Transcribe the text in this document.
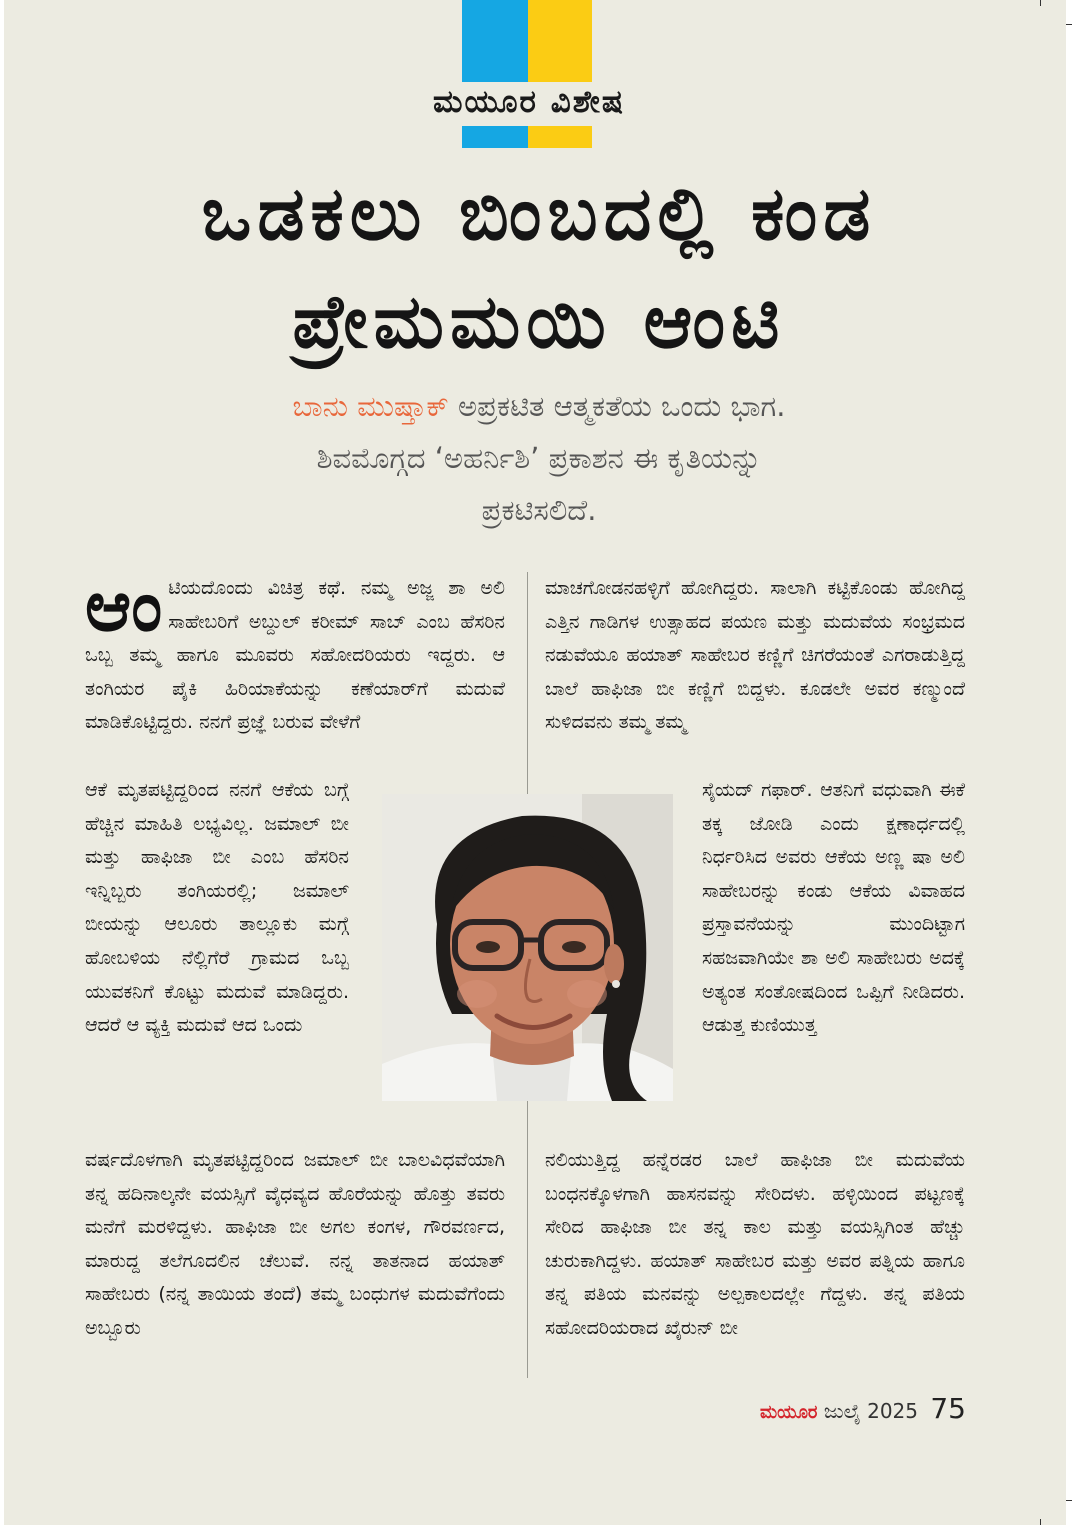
ಮಯೂರ ವಿಶೇಷ
ಒಡಕಲು ಬಿಂಬದಲ್ಲಿ ಕಂಡ
ಪ್ರೇಮಮಯಿ ಆಂಟಿ
ಬಾನು ಮುಷ್ತಾಕ್ ಅಪ್ರಕಟಿತ ಆತ್ಮಕತೆಯ ಒಂದು ಭಾಗ.
ಶಿವಮೊಗ್ಗದ ‘ಅಹರ್ನಿಶಿ’ ಪ್ರಕಾಶನ ಈ ಕೃತಿಯನ್ನು
ಪ್ರಕಟಿಸಲಿದೆ.

ಆಂಟಿಯದೊಂದು ವಿಚಿತ್ರ ಕಥೆ. ನಮ್ಮ ಅಜ್ಜ ಶಾ ಅಲಿ ಸಾಹೇಬರಿಗೆ ಅಬ್ದುಲ್ ಕರೀಮ್ ಸಾಬ್ ಎಂಬ ಹೆಸರಿನ ಒಬ್ಬ ತಮ್ಮ ಹಾಗೂ ಮೂವರು ಸಹೋದರಿಯರು ಇದ್ದರು. ಆ ತಂಗಿಯರ ಪೈಕಿ ಹಿರಿಯಾಕೆಯನ್ನು ಕಣೆಯಾರ್‌ಗೆ ಮದುವೆ ಮಾಡಿಕೊಟ್ಟಿದ್ದರು. ನನಗೆ ಪ್ರಜ್ಞೆ ಬರುವ ವೇಳೆಗೆ

ಆಕೆ ಮೃತಪಟ್ಟಿದ್ದರಿಂದ ನನಗೆ ಆಕೆಯ ಬಗ್ಗೆ ಹೆಚ್ಚಿನ ಮಾಹಿತಿ ಲಭ್ಯವಿಲ್ಲ. ಜಮಾಲ್ ಬೀ ಮತ್ತು ಹಾಫಿಜಾ ಬೀ ಎಂಬ ಹೆಸರಿನ ಇನ್ನಿಬ್ಬರು ತಂಗಿಯರಲ್ಲಿ; ಜಮಾಲ್ ಬೀಯನ್ನು ಆಲೂರು ತಾಲ್ಲೂಕು ಮಗ್ಗೆ ಹೋಬಳಿಯ ನೆಲ್ಲಿಗೆರೆ ಗ್ರಾಮದ ಒಬ್ಬ ಯುವಕನಿಗೆ ಕೊಟ್ಟು ಮದುವೆ ಮಾಡಿದ್ದರು. ಆದರೆ ಆ ವ್ಯಕ್ತಿ ಮದುವೆ ಆದ ಒಂದು

ವರ್ಷದೊಳಗಾಗಿ ಮೃತಪಟ್ಟಿದ್ದರಿಂದ ಜಮಾಲ್ ಬೀ ಬಾಲವಿಧವೆಯಾಗಿ ತನ್ನ ಹದಿನಾಲ್ಕನೇ ವಯಸ್ಸಿಗೆ ವೈಧವ್ಯದ ಹೊರೆಯನ್ನು ಹೊತ್ತು ತವರು ಮನೆಗೆ ಮರಳಿದ್ದಳು. ಹಾಫಿಜಾ ಬೀ ಅಗಲ ಕಂಗಳ, ಗೌರವರ್ಣದ, ಮಾರುದ್ದ ತಲೆಗೂದಲಿನ ಚೆಲುವೆ. ನನ್ನ ತಾತನಾದ ಹಯಾತ್ ಸಾಹೇಬರು (ನನ್ನ ತಾಯಿಯ ತಂದೆ) ತಮ್ಮ ಬಂಧುಗಳ ಮದುವೆಗೆಂದು ಅಬ್ಬೂರು

ಮಾಚಗೋಡನಹಳ್ಳಿಗೆ ಹೋಗಿದ್ದರು. ಸಾಲಾಗಿ ಕಟ್ಟಿಕೊಂಡು ಹೋಗಿದ್ದ ಎತ್ತಿನ ಗಾಡಿಗಳ ಉತ್ಸಾಹದ ಪಯಣ ಮತ್ತು ಮದುವೆಯ ಸಂಭ್ರಮದ ನಡುವೆಯೂ ಹಯಾತ್ ಸಾಹೇಬರ ಕಣ್ಣಿಗೆ ಚಿಗರೆಯಂತೆ ಎಗರಾಡುತ್ತಿದ್ದ ಬಾಲೆ ಹಾಫಿಜಾ ಬೀ ಕಣ್ಣಿಗೆ ಬಿದ್ದಳು. ಕೂಡಲೇ ಅವರ ಕಣ್ಮುಂದೆ ಸುಳಿದವನು ತಮ್ಮ ತಮ್ಮ

ಸೈಯದ್ ಗಫಾರ್. ಆತನಿಗೆ ವಧುವಾಗಿ ಈಕೆ ತಕ್ಕ ಜೋಡಿ ಎಂದು ಕ್ಷಣಾರ್ಧದಲ್ಲಿ ನಿರ್ಧರಿಸಿದ ಅವರು ಆಕೆಯ ಅಣ್ಣ ಷಾ ಅಲಿ ಸಾಹೇಬರನ್ನು ಕಂಡು ಆಕೆಯ ವಿವಾಹದ ಪ್ರಸ್ತಾವನೆಯನ್ನು ಮುಂದಿಟ್ಟಾಗ ಸಹಜವಾಗಿಯೇ ಶಾ ಅಲಿ ಸಾಹೇಬರು ಅದಕ್ಕೆ ಅತ್ಯಂತ ಸಂತೋಷದಿಂದ ಒಪ್ಪಿಗೆ ನೀಡಿದರು. ಆಡುತ್ತ ಕುಣಿಯುತ್ತ

ನಲಿಯುತ್ತಿದ್ದ ಹನ್ನೆರಡರ ಬಾಲೆ ಹಾಫಿಜಾ ಬೀ ಮದುವೆಯ ಬಂಧನಕ್ಕೊಳಗಾಗಿ ಹಾಸನವನ್ನು ಸೇರಿದಳು. ಹಳ್ಳಿಯಿಂದ ಪಟ್ಟಣಕ್ಕೆ ಸೇರಿದ ಹಾಫಿಜಾ ಬೀ ತನ್ನ ಕಾಲ ಮತ್ತು ವಯಸ್ಸಿಗಿಂತ ಹೆಚ್ಚು ಚುರುಕಾಗಿದ್ದಳು. ಹಯಾತ್ ಸಾಹೇಬರ ಮತ್ತು ಅವರ ಪತ್ನಿಯ ಹಾಗೂ ತನ್ನ ಪತಿಯ ಮನವನ್ನು ಅಲ್ಪಕಾಲದಲ್ಲೇ ಗೆದ್ದಳು. ತನ್ನ ಪತಿಯ ಸಹೋದರಿಯರಾದ ಖೈರುನ್ ಬೀ

ಮಯೂರ ಜುಲೈ 2025 75
